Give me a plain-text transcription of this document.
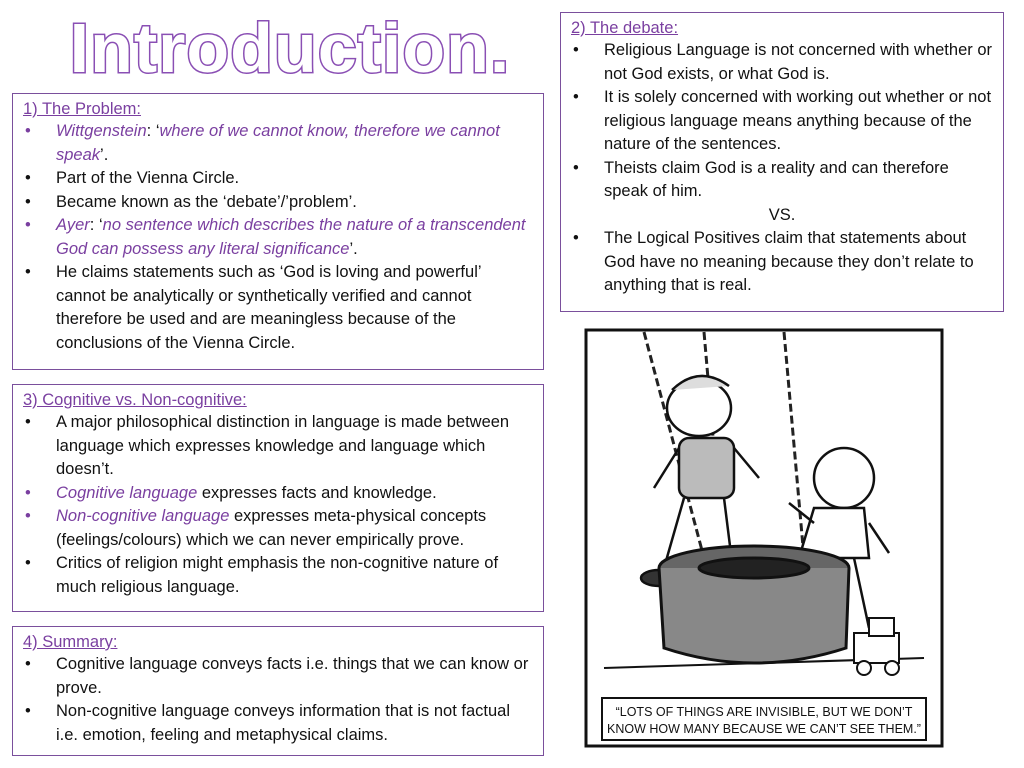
Introduction.
1) The Problem:
• Wittgenstein: ‘where of we cannot know, therefore we cannot speak’.
• Part of the Vienna Circle.
• Became known as the ‘debate’/’problem’.
• Ayer: ‘no sentence which describes the nature of a transcendent God can possess any literal significance’.
• He claims statements such as ‘God is loving and powerful’ cannot be analytically or synthetically verified and cannot therefore be used and are meaningless because of the conclusions of the Vienna Circle.
2) The debate:
• Religious Language is not concerned with whether or not God exists, or what God is.
• It is solely concerned with working out whether or not religious language means anything because of the nature of the sentences.
• Theists claim God is a reality and can therefore speak of him.
VS.
• The Logical Positives claim that statements about God have no meaning because they don’t relate to anything that is real.
3) Cognitive vs. Non-cognitive:
• A major philosophical distinction in language is made between language which expresses knowledge and language which doesn’t.
• Cognitive language expresses facts and knowledge.
• Non-cognitive language expresses meta-physical concepts (feelings/colours) which we can never empirically prove.
• Critics of religion might emphasis the non-cognitive nature of much religious language.
4) Summary:
• Cognitive language conveys facts i.e. things that we can know or prove.
• Non-cognitive language conveys information that is not factual i.e. emotion, feeling and metaphysical claims.
“LOTS OF THINGS ARE INVISIBLE, BUT WE DON’T
KNOW HOW MANY BECAUSE WE CAN’T SEE THEM.”
